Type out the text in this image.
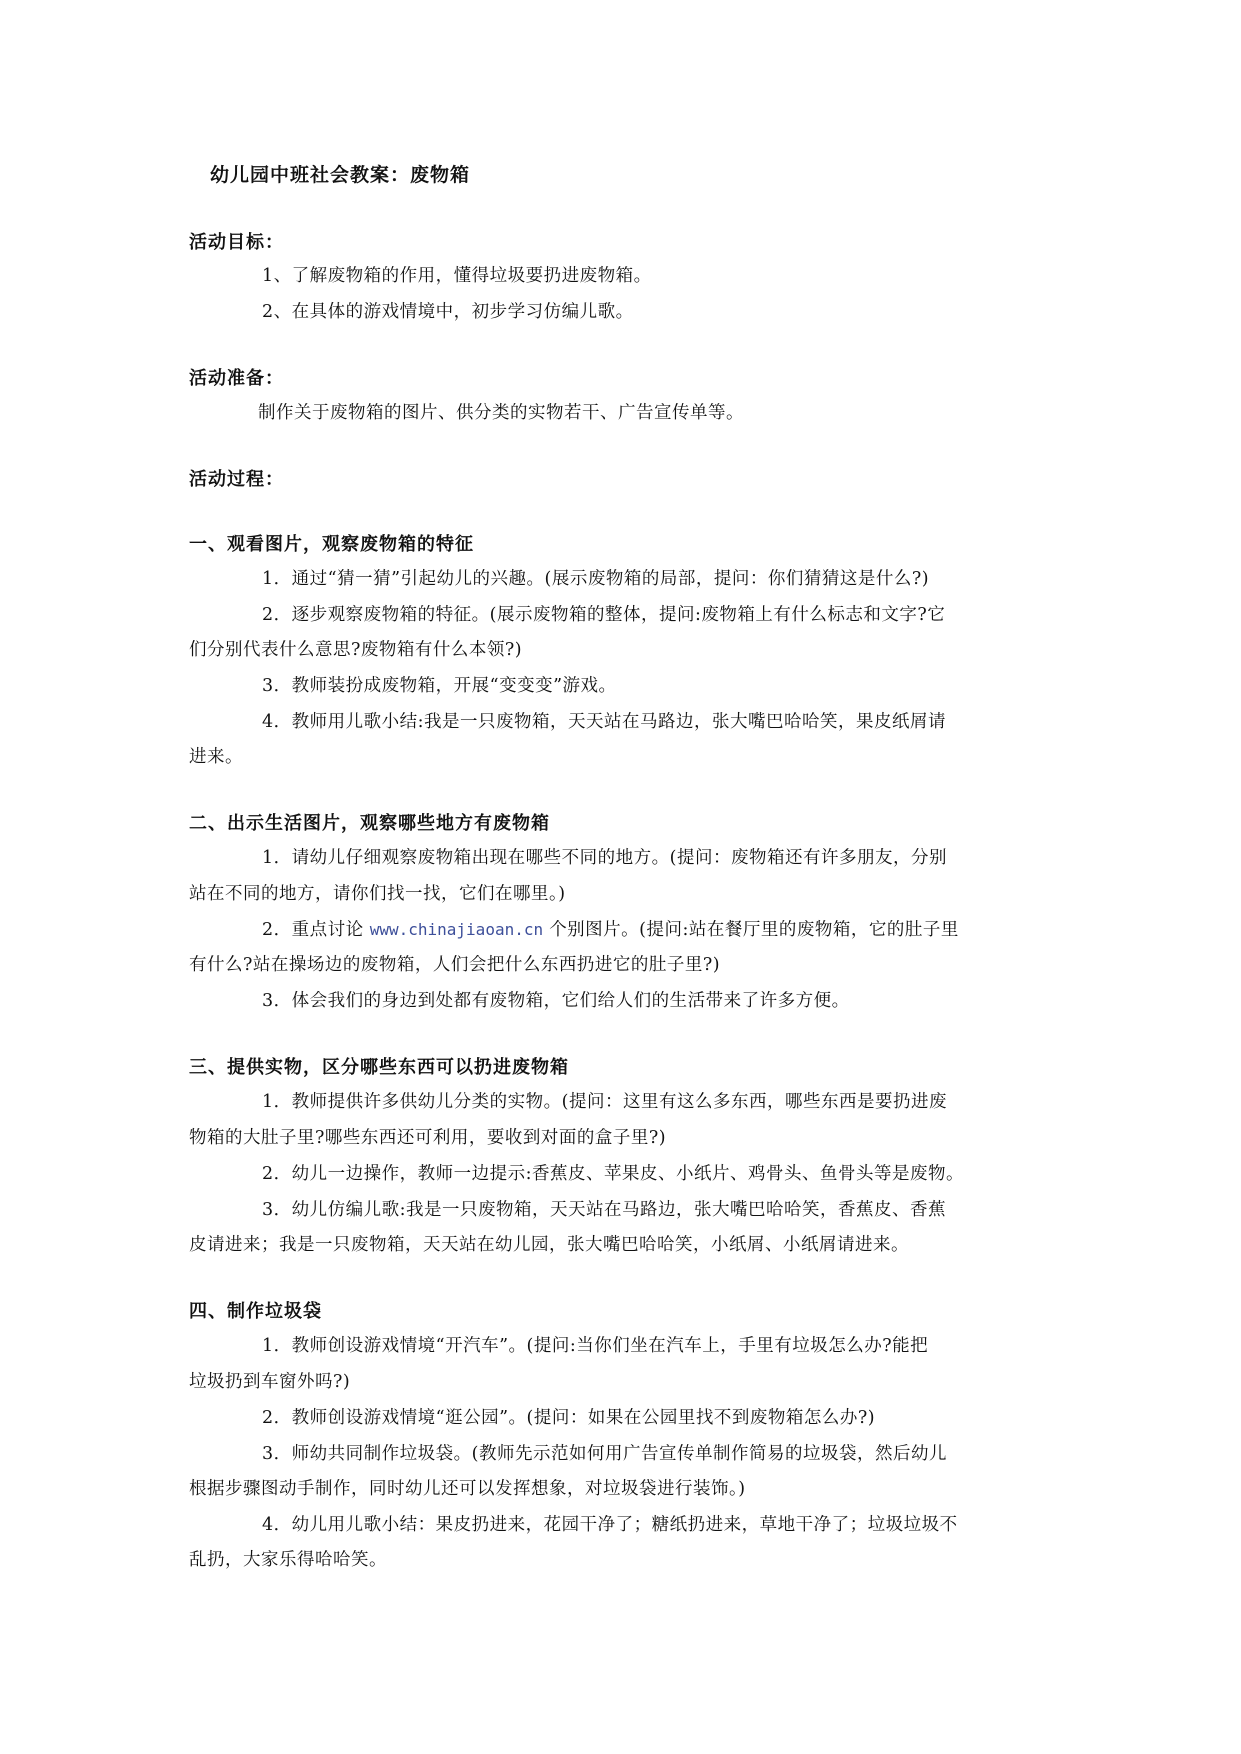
幼儿园中班社会教案：废物箱
活动目标：
1、了解废物箱的作用，懂得垃圾要扔进废物箱。
2、在具体的游戏情境中，初步学习仿编儿歌。
活动准备：
制作关于废物箱的图片、供分类的实物若干、广告宣传单等。
活动过程：
一、观看图片，观察废物箱的特征
1．通过“猜一猜”引起幼儿的兴趣。(展示废物箱的局部，提问：你们猜猜这是什么?)
2．逐步观察废物箱的特征。(展示废物箱的整体，提问:废物箱上有什么标志和文字?它
们分别代表什么意思?废物箱有什么本领?)
3．教师装扮成废物箱，开展“变变变”游戏。
4．教师用儿歌小结:我是一只废物箱，天天站在马路边，张大嘴巴哈哈笑，果皮纸屑请
进来。
二、出示生活图片，观察哪些地方有废物箱
1．请幼儿仔细观察废物箱出现在哪些不同的地方。(提问：废物箱还有许多朋友，分别
站在不同的地方，请你们找一找，它们在哪里。)
2．重点讨论 www.chinajiaoan.cn 个别图片。(提问:站在餐厅里的废物箱，它的肚子里
有什么?站在操场边的废物箱，人们会把什么东西扔进它的肚子里?)
3．体会我们的身边到处都有废物箱，它们给人们的生活带来了许多方便。
三、提供实物，区分哪些东西可以扔进废物箱
1．教师提供许多供幼儿分类的实物。(提问：这里有这么多东西，哪些东西是要扔进废
物箱的大肚子里?哪些东西还可利用，要收到对面的盒子里?)
2．幼儿一边操作，教师一边提示:香蕉皮、苹果皮、小纸片、鸡骨头、鱼骨头等是废物。
3．幼儿仿编儿歌:我是一只废物箱，天天站在马路边，张大嘴巴哈哈笑，香蕉皮、香蕉
皮请进来；我是一只废物箱，天天站在幼儿园，张大嘴巴哈哈笑，小纸屑、小纸屑请进来。
四、制作垃圾袋
1．教师创设游戏情境“开汽车”。(提问:当你们坐在汽车上，手里有垃圾怎么办?能把
垃圾扔到车窗外吗?)
2．教师创设游戏情境“逛公园”。(提问：如果在公园里找不到废物箱怎么办?)
3．师幼共同制作垃圾袋。(教师先示范如何用广告宣传单制作简易的垃圾袋，然后幼儿
根据步骤图动手制作，同时幼儿还可以发挥想象，对垃圾袋进行装饰。)
4．幼儿用儿歌小结：果皮扔进来，花园干净了；糖纸扔进来，草地干净了；垃圾垃圾不
乱扔，大家乐得哈哈笑。
